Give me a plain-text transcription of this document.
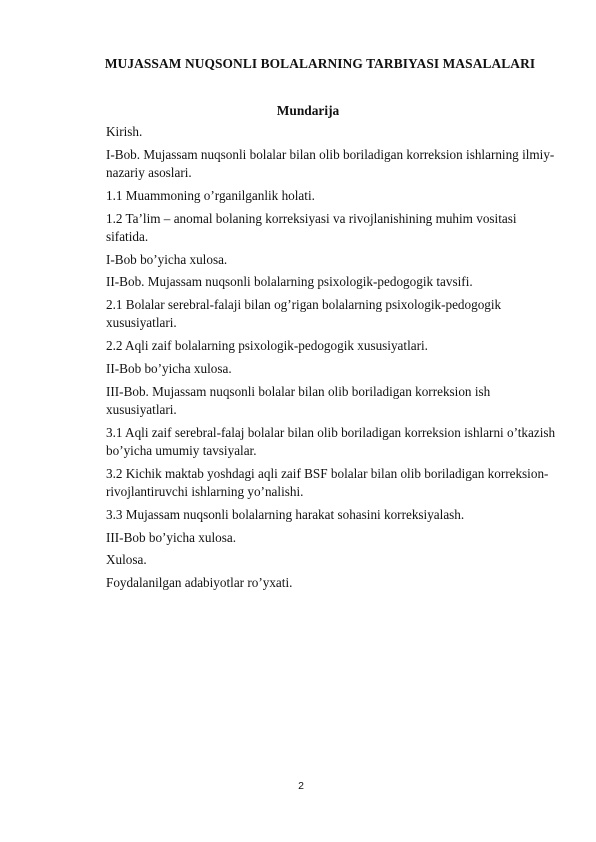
MUJASSAM NUQSONLI BOLALARNING TARBIYASI MASALALARI
Mundarija
Kirish.
I-Bob. Mujassam nuqsonli bolalar bilan olib boriladigan korreksion ishlarning ilmiy-nazariy asoslari.
1.1 Muammoning o’rganilganlik holati.
1.2 Ta’lim – anomal bolaning korreksiyasi va rivojlanishining muhim vositasi sifatida.
I-Bob bo’yicha xulosa.
II-Bob. Mujassam nuqsonli bolalarning psixologik-pedogogik tavsifi.
2.1 Bolalar serebral-falaji bilan og’rigan bolalarning psixologik-pedogogik xususiyatlari.
2.2 Aqli zaif bolalarning psixologik-pedogogik xususiyatlari.
II-Bob bo’yicha xulosa.
III-Bob. Mujassam nuqsonli bolalar bilan olib boriladigan korreksion ish xususiyatlari.
3.1 Aqli zaif serebral-falaj bolalar bilan olib boriladigan korreksion ishlarni o’tkazish bo’yicha umumiy tavsiyalar.
3.2 Kichik maktab yoshdagi aqli zaif BSF bolalar bilan olib boriladigan korreksion-rivojlantiruvchi ishlarning yo’nalishi.
3.3 Mujassam nuqsonli bolalarning harakat sohasini korreksiyalash.
III-Bob bo’yicha xulosa.
Xulosa.
Foydalanilgan adabiyotlar ro’yxati.
2
